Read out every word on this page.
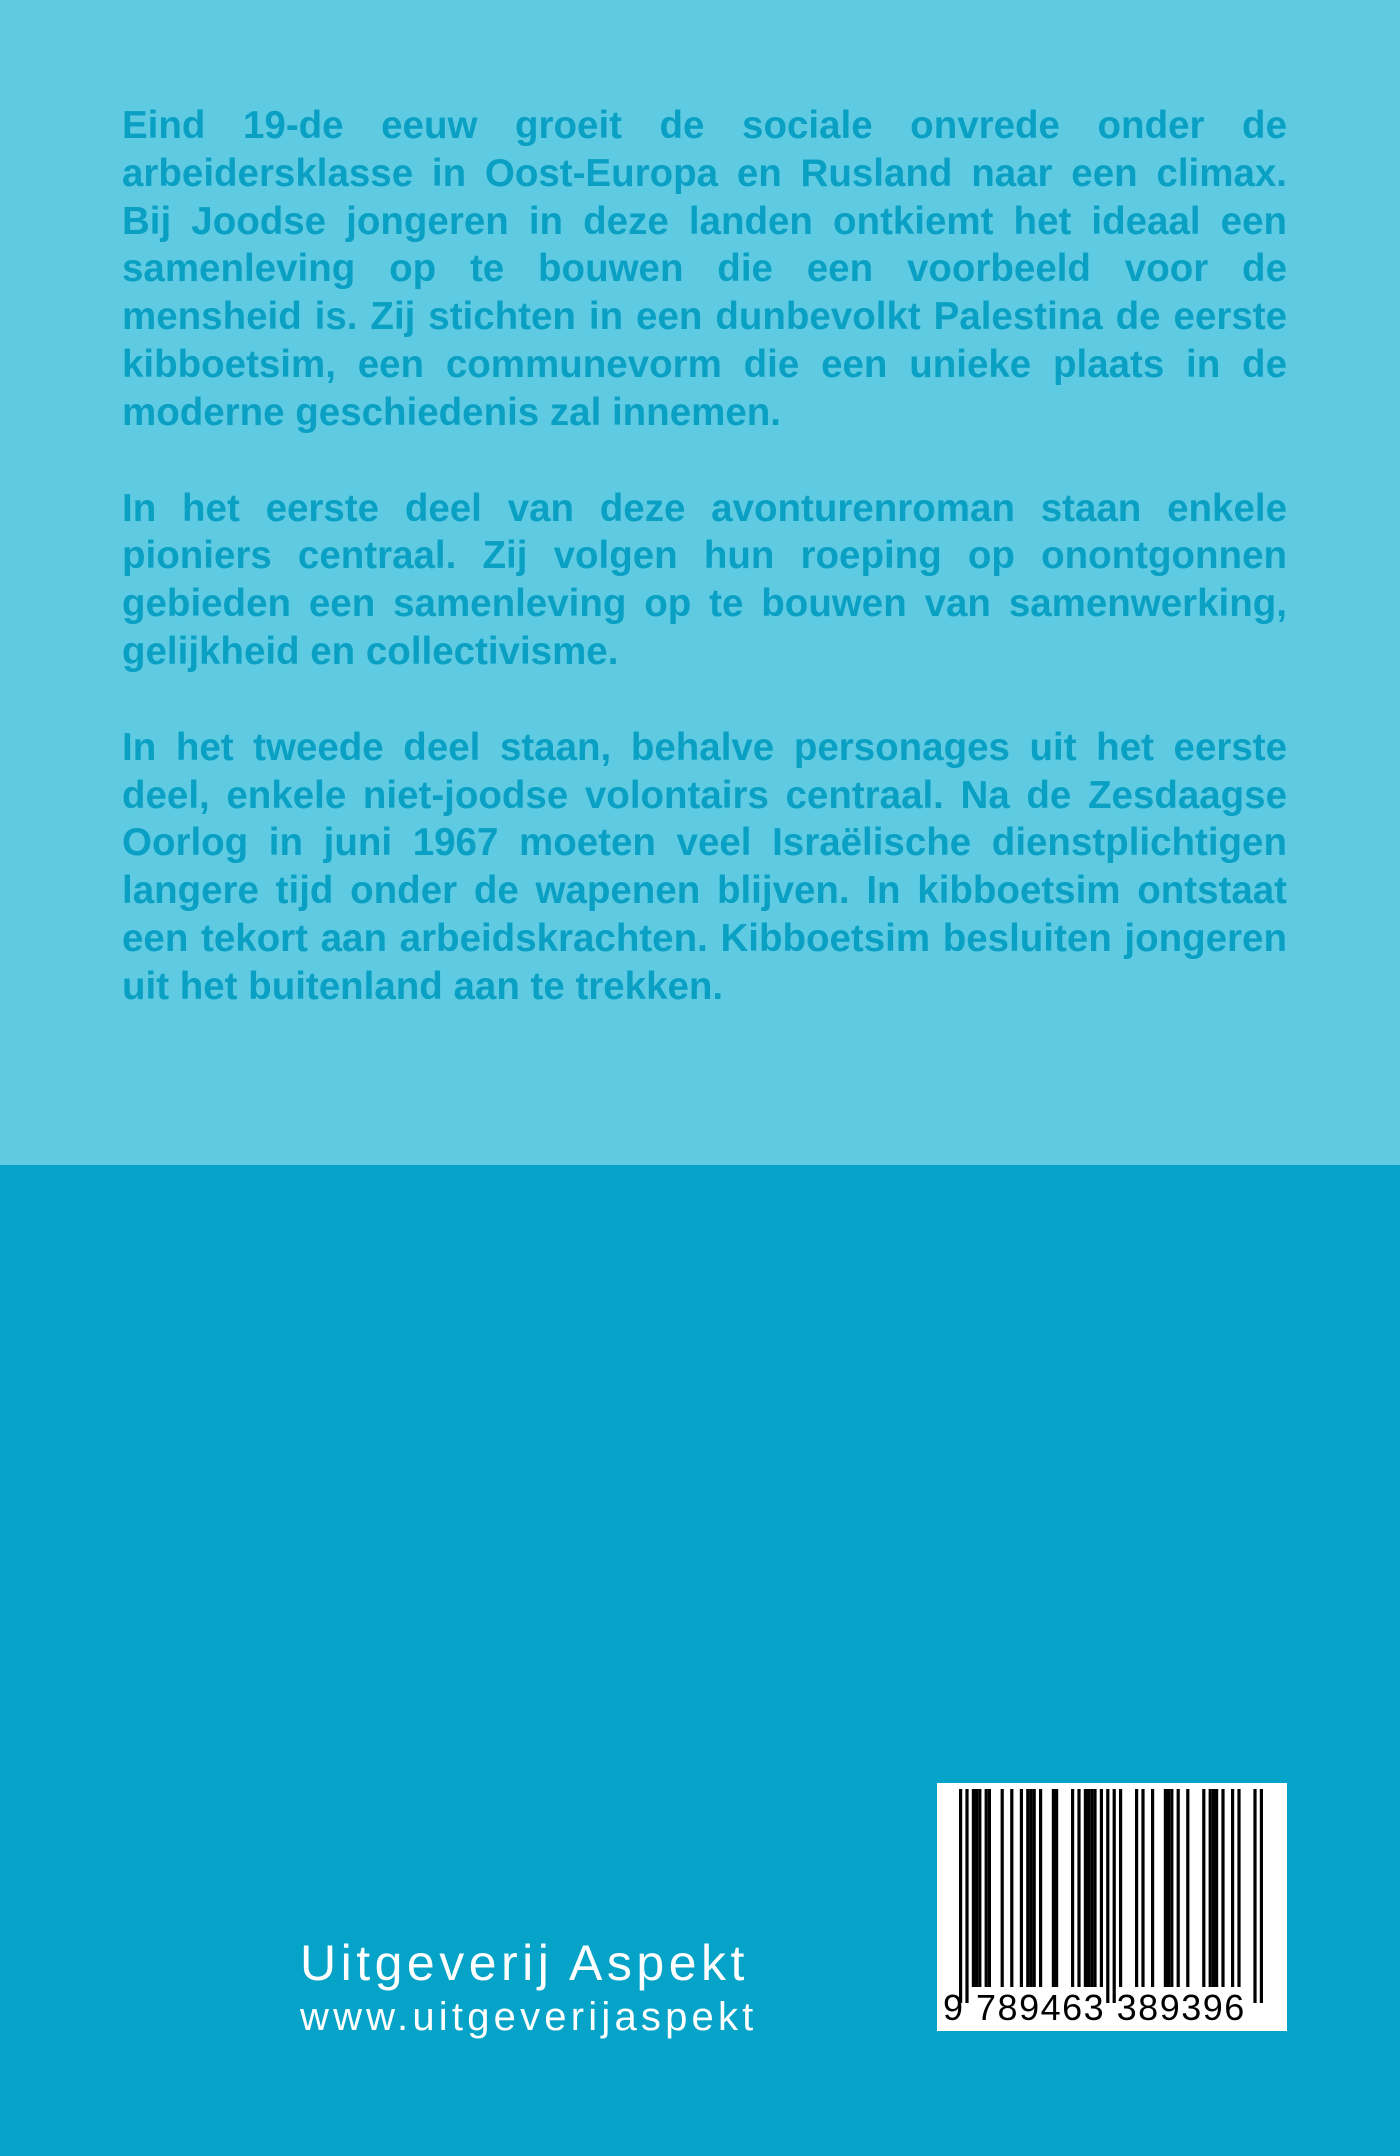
Eind 19-de eeuw groeit de sociale onvrede onder de arbeidersklasse in Oost-Europa en Rusland naar een climax. Bij Joodse jongeren in deze landen ontkiemt het ideaal een samenleving op te bouwen die een voorbeeld voor de mensheid is. Zij stichten in een dunbevolkt Palestina de eerste kibboetsim, een communevorm die een unieke plaats in de moderne geschiedenis zal innemen.

In het eerste deel van deze avonturenroman staan enkele pioniers centraal. Zij volgen hun roeping op onontgonnen gebieden een samenleving op te bouwen van samenwerking, gelijkheid en collectivisme.

In het tweede deel staan, behalve personages uit het eerste deel, enkele niet-joodse volontairs centraal. Na de Zesdaagse Oorlog in juni 1967 moeten veel Israëlische dienstplichtigen langere tijd onder de wapenen blijven. In kibboetsim ontstaat een tekort aan arbeidskrachten. Kibboetsim besluiten jongeren uit het buitenland aan te trekken.

Uitgeverij Aspekt
www.uitgeverijaspekt	9 789463 389396
